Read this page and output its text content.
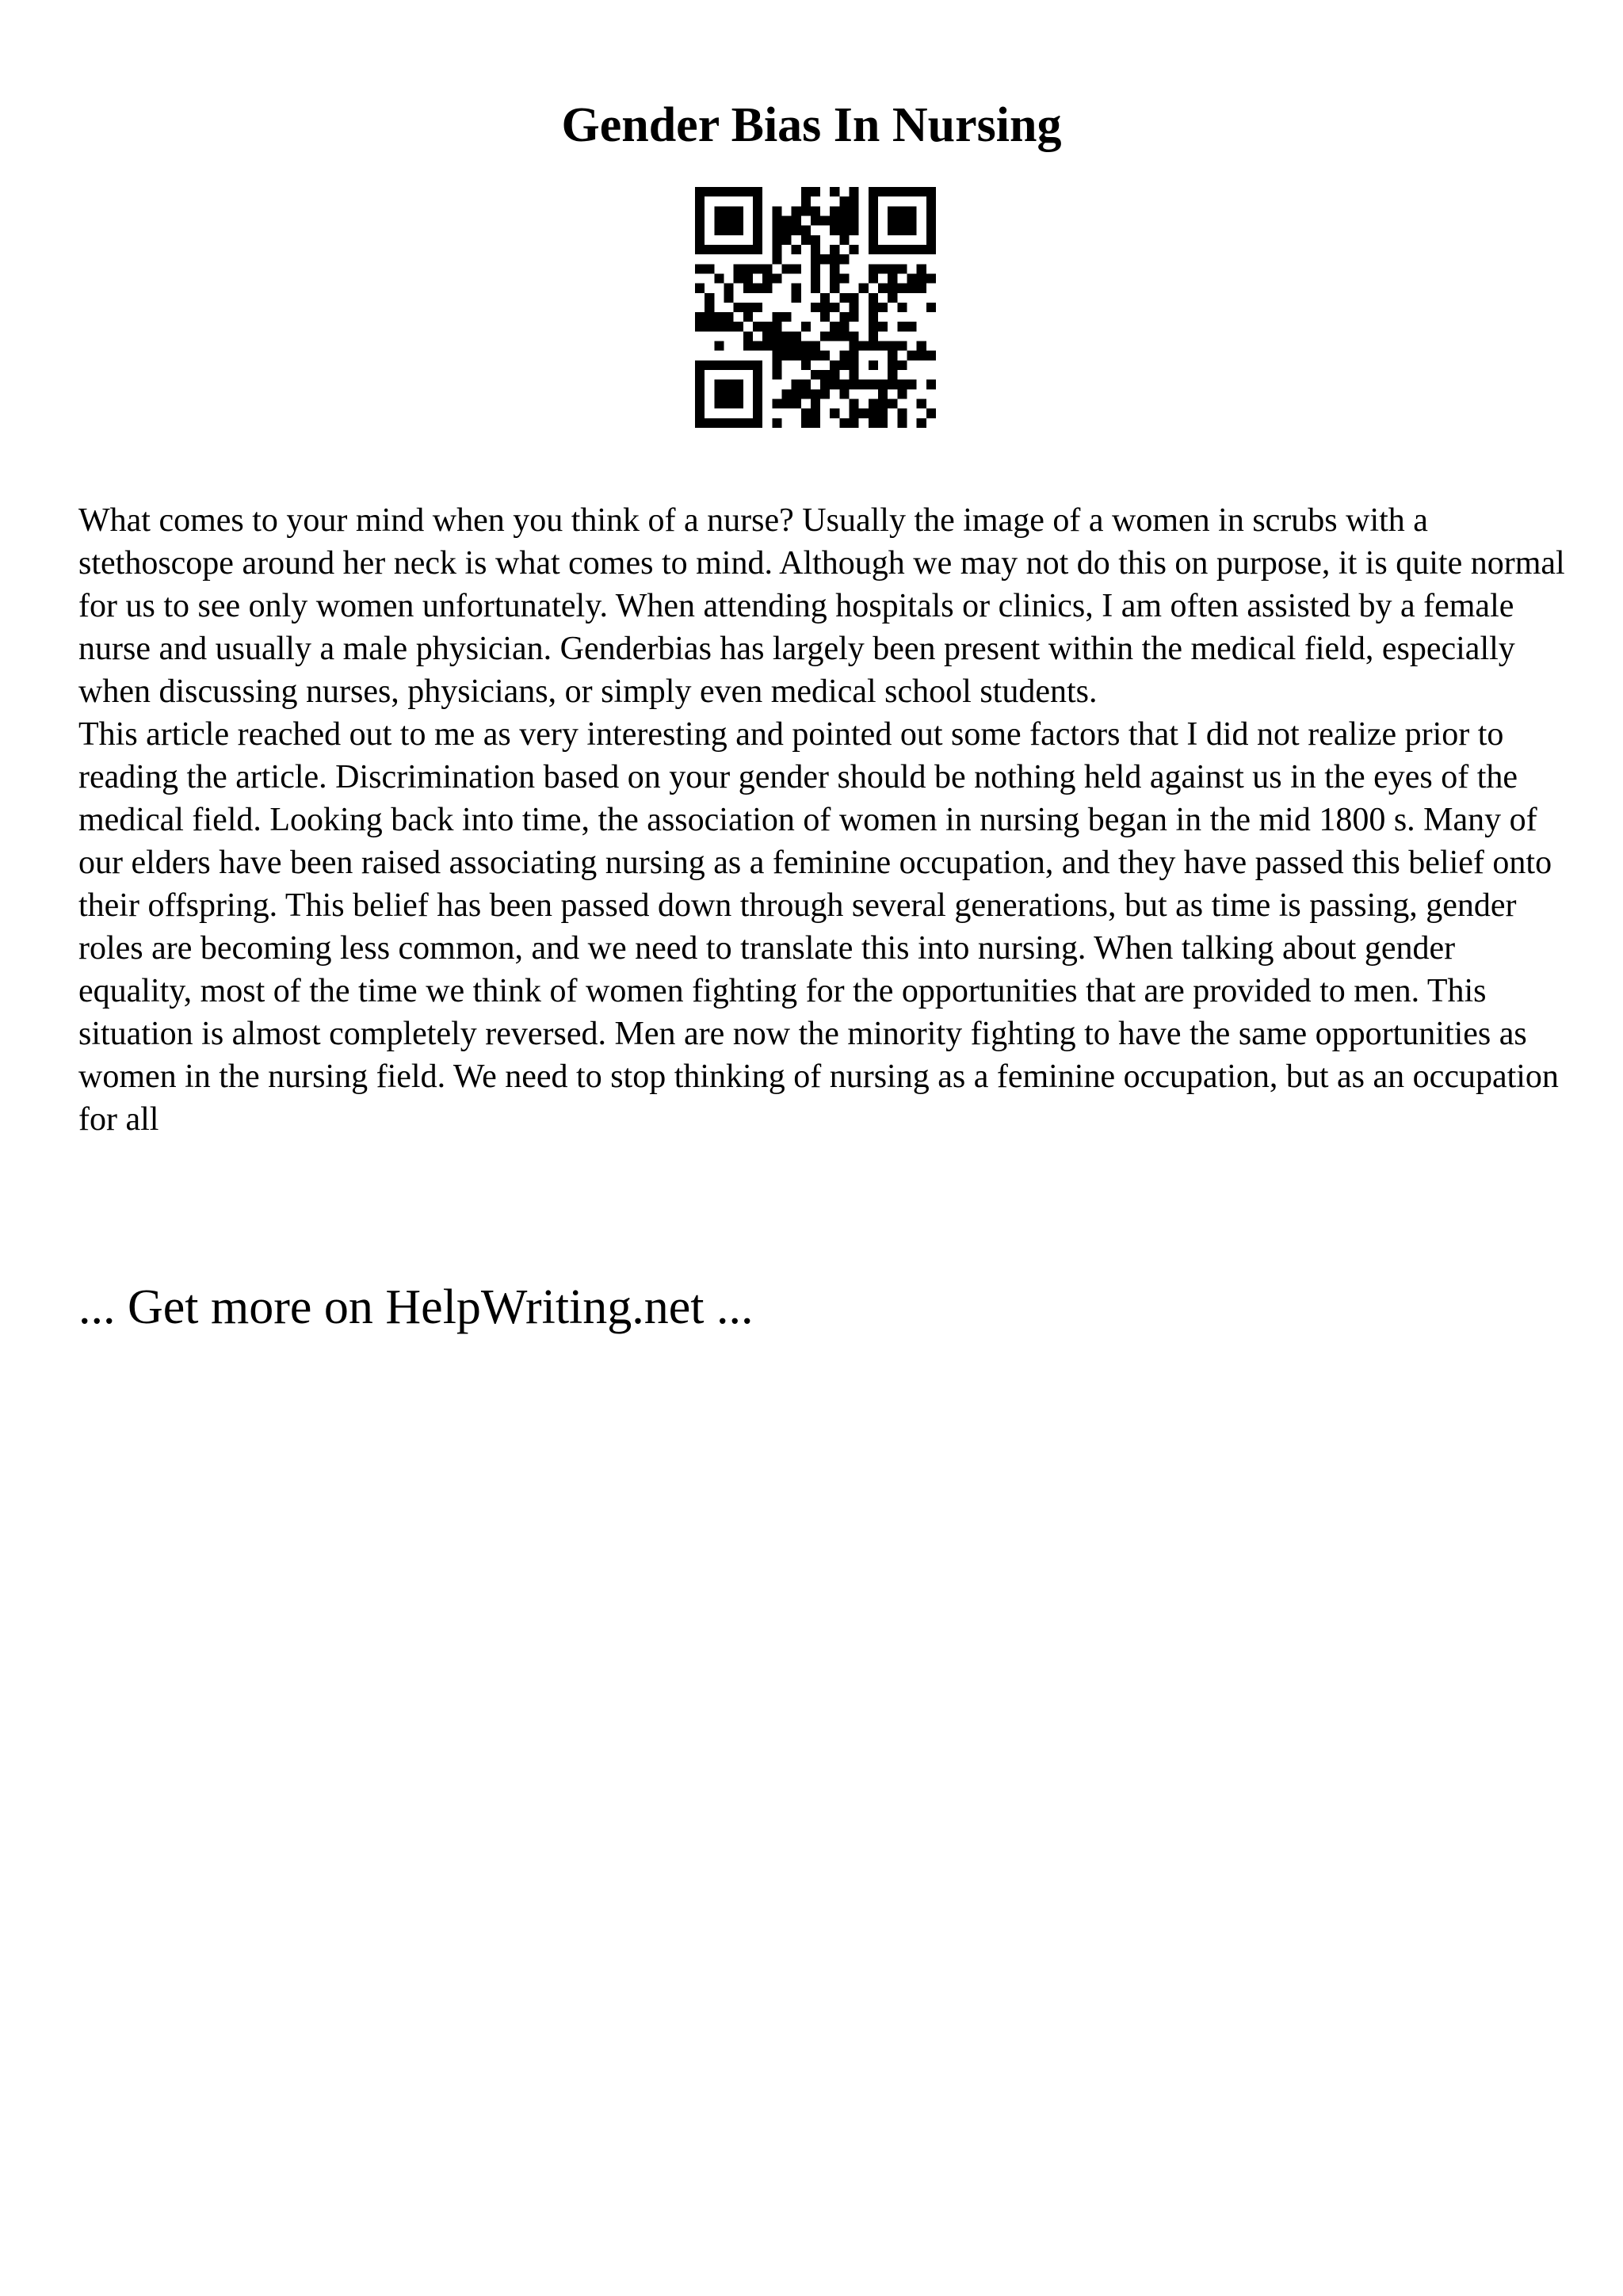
Gender Bias In Nursing

What comes to your mind when you think of a nurse? Usually the image of a women in scrubs with a stethoscope around her neck is what comes to mind. Although we may not do this on purpose, it is quite normal for us to see only women unfortunately. When attending hospitals or clinics, I am often assisted by a female nurse and usually a male physician. Genderbias has largely been present within the medical field, especially when discussing nurses, physicians, or simply even medical school students.

This article reached out to me as very interesting and pointed out some factors that I did not realize prior to reading the article. Discrimination based on your gender should be nothing held against us in the eyes of the medical field. Looking back into time, the association of women in nursing began in the mid 1800 s. Many of our elders have been raised associating nursing as a feminine occupation, and they have passed this belief onto their offspring. This belief has been passed down through several generations, but as time is passing, gender roles are becoming less common, and we need to translate this into nursing. When talking about gender equality, most of the time we think of women fighting for the opportunities that are provided to men. This situation is almost completely reversed. Men are now the minority fighting to have the same opportunities as women in the nursing field. We need to stop thinking of nursing as a feminine occupation, but as an occupation for all

... Get more on HelpWriting.net ...
